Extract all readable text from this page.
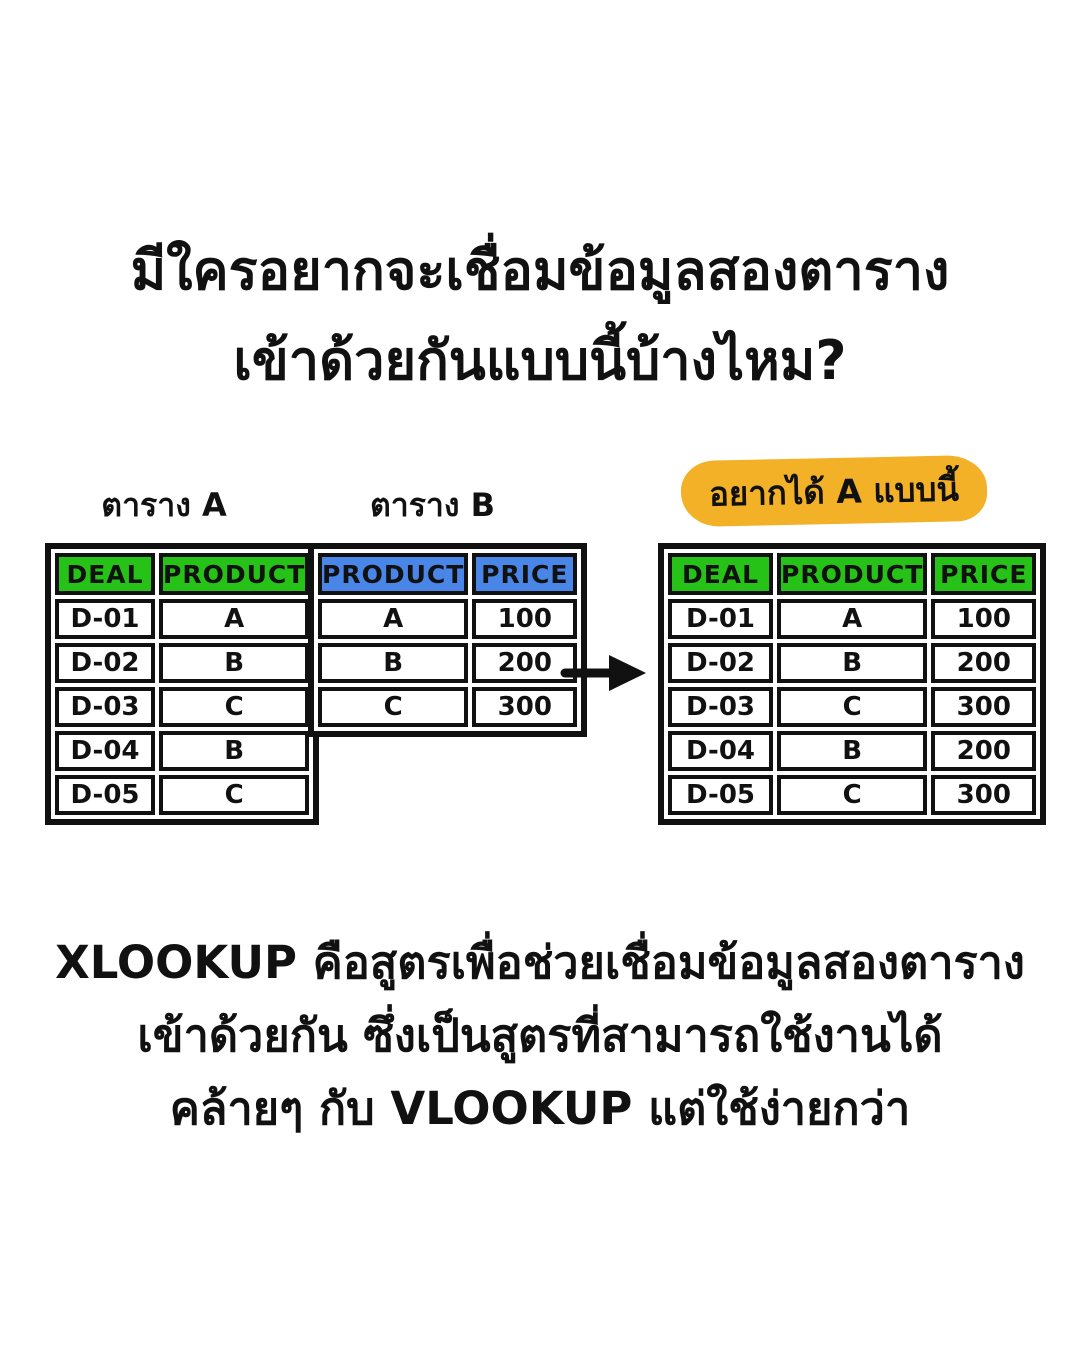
มีใครอยากจะเชื่อมข้อมูลสองตาราง
เข้าด้วยกันแบบนี้บ้างไหม?
ตาราง A	ตาราง B	อยากได้ A แบบนี้
DEAL	PRODUCT
D-01	A
D-02	B
D-03	C
D-04	B
D-05	C
PRODUCT	PRICE
A	100
B	200
C	300
DEAL	PRODUCT	PRICE
D-01	A	100
D-02	B	200
D-03	C	300
D-04	B	200
D-05	C	300
XLOOKUP คือสูตรเพื่อช่วยเชื่อมข้อมูลสองตาราง
เข้าด้วยกัน ซึ่งเป็นสูตรที่สามารถใช้งานได้
คล้ายๆ กับ VLOOKUP แต่ใช้ง่ายกว่า
